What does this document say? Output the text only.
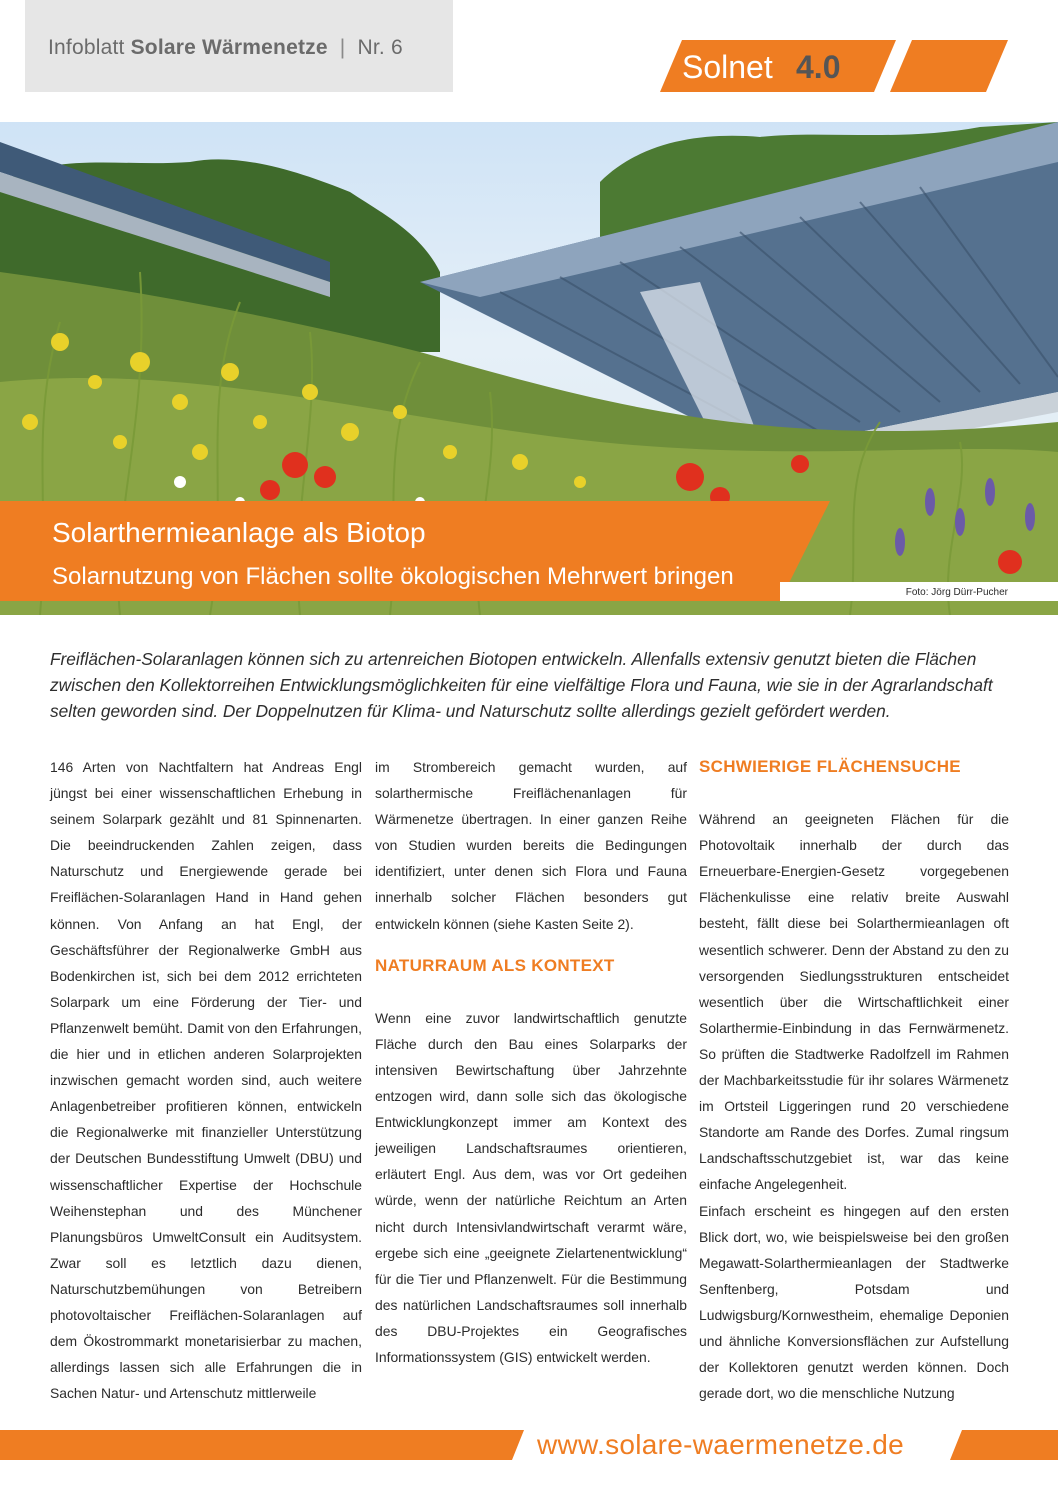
Infoblatt Solare Wärmenetze | Nr. 6
Solnet 4.0
Solarthermieanlage als Biotop
Solarnutzung von Flächen sollte ökologischen Mehrwert bringen
Foto: Jörg Dürr-Pucher
Freiflächen-Solaranlagen können sich zu artenreichen Biotopen entwickeln. Allenfalls extensiv genutzt bieten die Flächen zwischen den Kollektorreihen Entwicklungsmöglichkeiten für eine vielfältige Flora und Fauna, wie sie in der Agrarlandschaft selten geworden sind. Der Doppelnutzen für Klima- und Naturschutz sollte allerdings gezielt gefördert werden.

146 Arten von Nachtfaltern hat Andreas Engl jüngst bei einer wissenschaftlichen Erhebung in seinem Solarpark gezählt und 81 Spinnenarten. Die beeindruckenden Zahlen zeigen, dass Naturschutz und Energiewende gerade bei Freiflächen-Solaranlagen Hand in Hand gehen können. Von Anfang an hat Engl, der Geschäftsführer der Regionalwerke GmbH aus Bodenkirchen ist, sich bei dem 2012 errichteten Solarpark um eine Förderung der Tier- und Pflanzenwelt bemüht. Damit von den Erfahrungen, die hier und in etlichen anderen Solarprojekten inzwischen gemacht worden sind, auch weitere Anlagenbetreiber profitieren können, entwickeln die Regionalwerke mit finanzieller Unterstützung der Deutschen Bundesstiftung Umwelt (DBU) und wissenschaftlicher Expertise der Hochschule Weihenstephan und des Münchener Planungsbüros UmweltConsult ein Auditsystem. Zwar soll es letztlich dazu dienen, Naturschutzbemühungen von Betreibern photovoltaischer Freiflächen-Solaranlagen auf dem Ökostrommarkt monetarisierbar zu machen, allerdings lassen sich alle Erfahrungen die in Sachen Natur- und Artenschutz mittlerweile

im Strombereich gemacht wurden, auf solarthermische Freiflächenanlagen für Wärmenetze übertragen. In einer ganzen Reihe von Studien wurden bereits die Bedingungen identifiziert, unter denen sich Flora und Fauna innerhalb solcher Flächen besonders gut entwickeln können (siehe Kasten Seite 2).

NATURRAUM ALS KONTEXT

Wenn eine zuvor landwirtschaftlich genutzte Fläche durch den Bau eines Solarparks der intensiven Bewirtschaftung über Jahrzehnte entzogen wird, dann solle sich das ökologische Entwicklungkonzept immer am Kontext des jeweiligen Landschaftsraumes orientieren, erläutert Engl. Aus dem, was vor Ort gedeihen würde, wenn der natürliche Reichtum an Arten nicht durch Intensivlandwirtschaft verarmt wäre, ergebe sich eine „geeignete Zielartenentwicklung“ für die Tier und Pflanzenwelt. Für die Bestimmung des natürlichen Landschaftsraumes soll innerhalb des DBU-Projektes ein Geografisches Informationssystem (GIS) entwickelt werden.

SCHWIERIGE FLÄCHENSUCHE

Während an geeigneten Flächen für die Photovoltaik innerhalb der durch das Erneuerbare-Energien-Gesetz vorgegebenen Flächenkulisse eine relativ breite Auswahl besteht, fällt diese bei Solarthermieanlagen oft wesentlich schwerer. Denn der Abstand zu den zu versorgenden Siedlungsstrukturen entscheidet wesentlich über die Wirtschaftlichkeit einer Solarthermie-Einbindung in das Fernwärmenetz. So prüften die Stadtwerke Radolfzell im Rahmen der Machbarkeitsstudie für ihr solares Wärmenetz im Ortsteil Liggeringen rund 20 verschiedene Standorte am Rande des Dorfes. Zumal ringsum Landschaftsschutzgebiet ist, war das keine einfache Angelegenheit.

Einfach erscheint es hingegen auf den ersten Blick dort, wo, wie beispielsweise bei den großen Megawatt-Solarthermieanlagen der Stadtwerke Senftenberg, Potsdam und Ludwigsburg/Kornwestheim, ehemalige Deponien und ähnliche Konversionsflächen zur Aufstellung der Kollektoren genutzt werden können. Doch gerade dort, wo die menschliche Nutzung

www.solare-waermenetze.de
